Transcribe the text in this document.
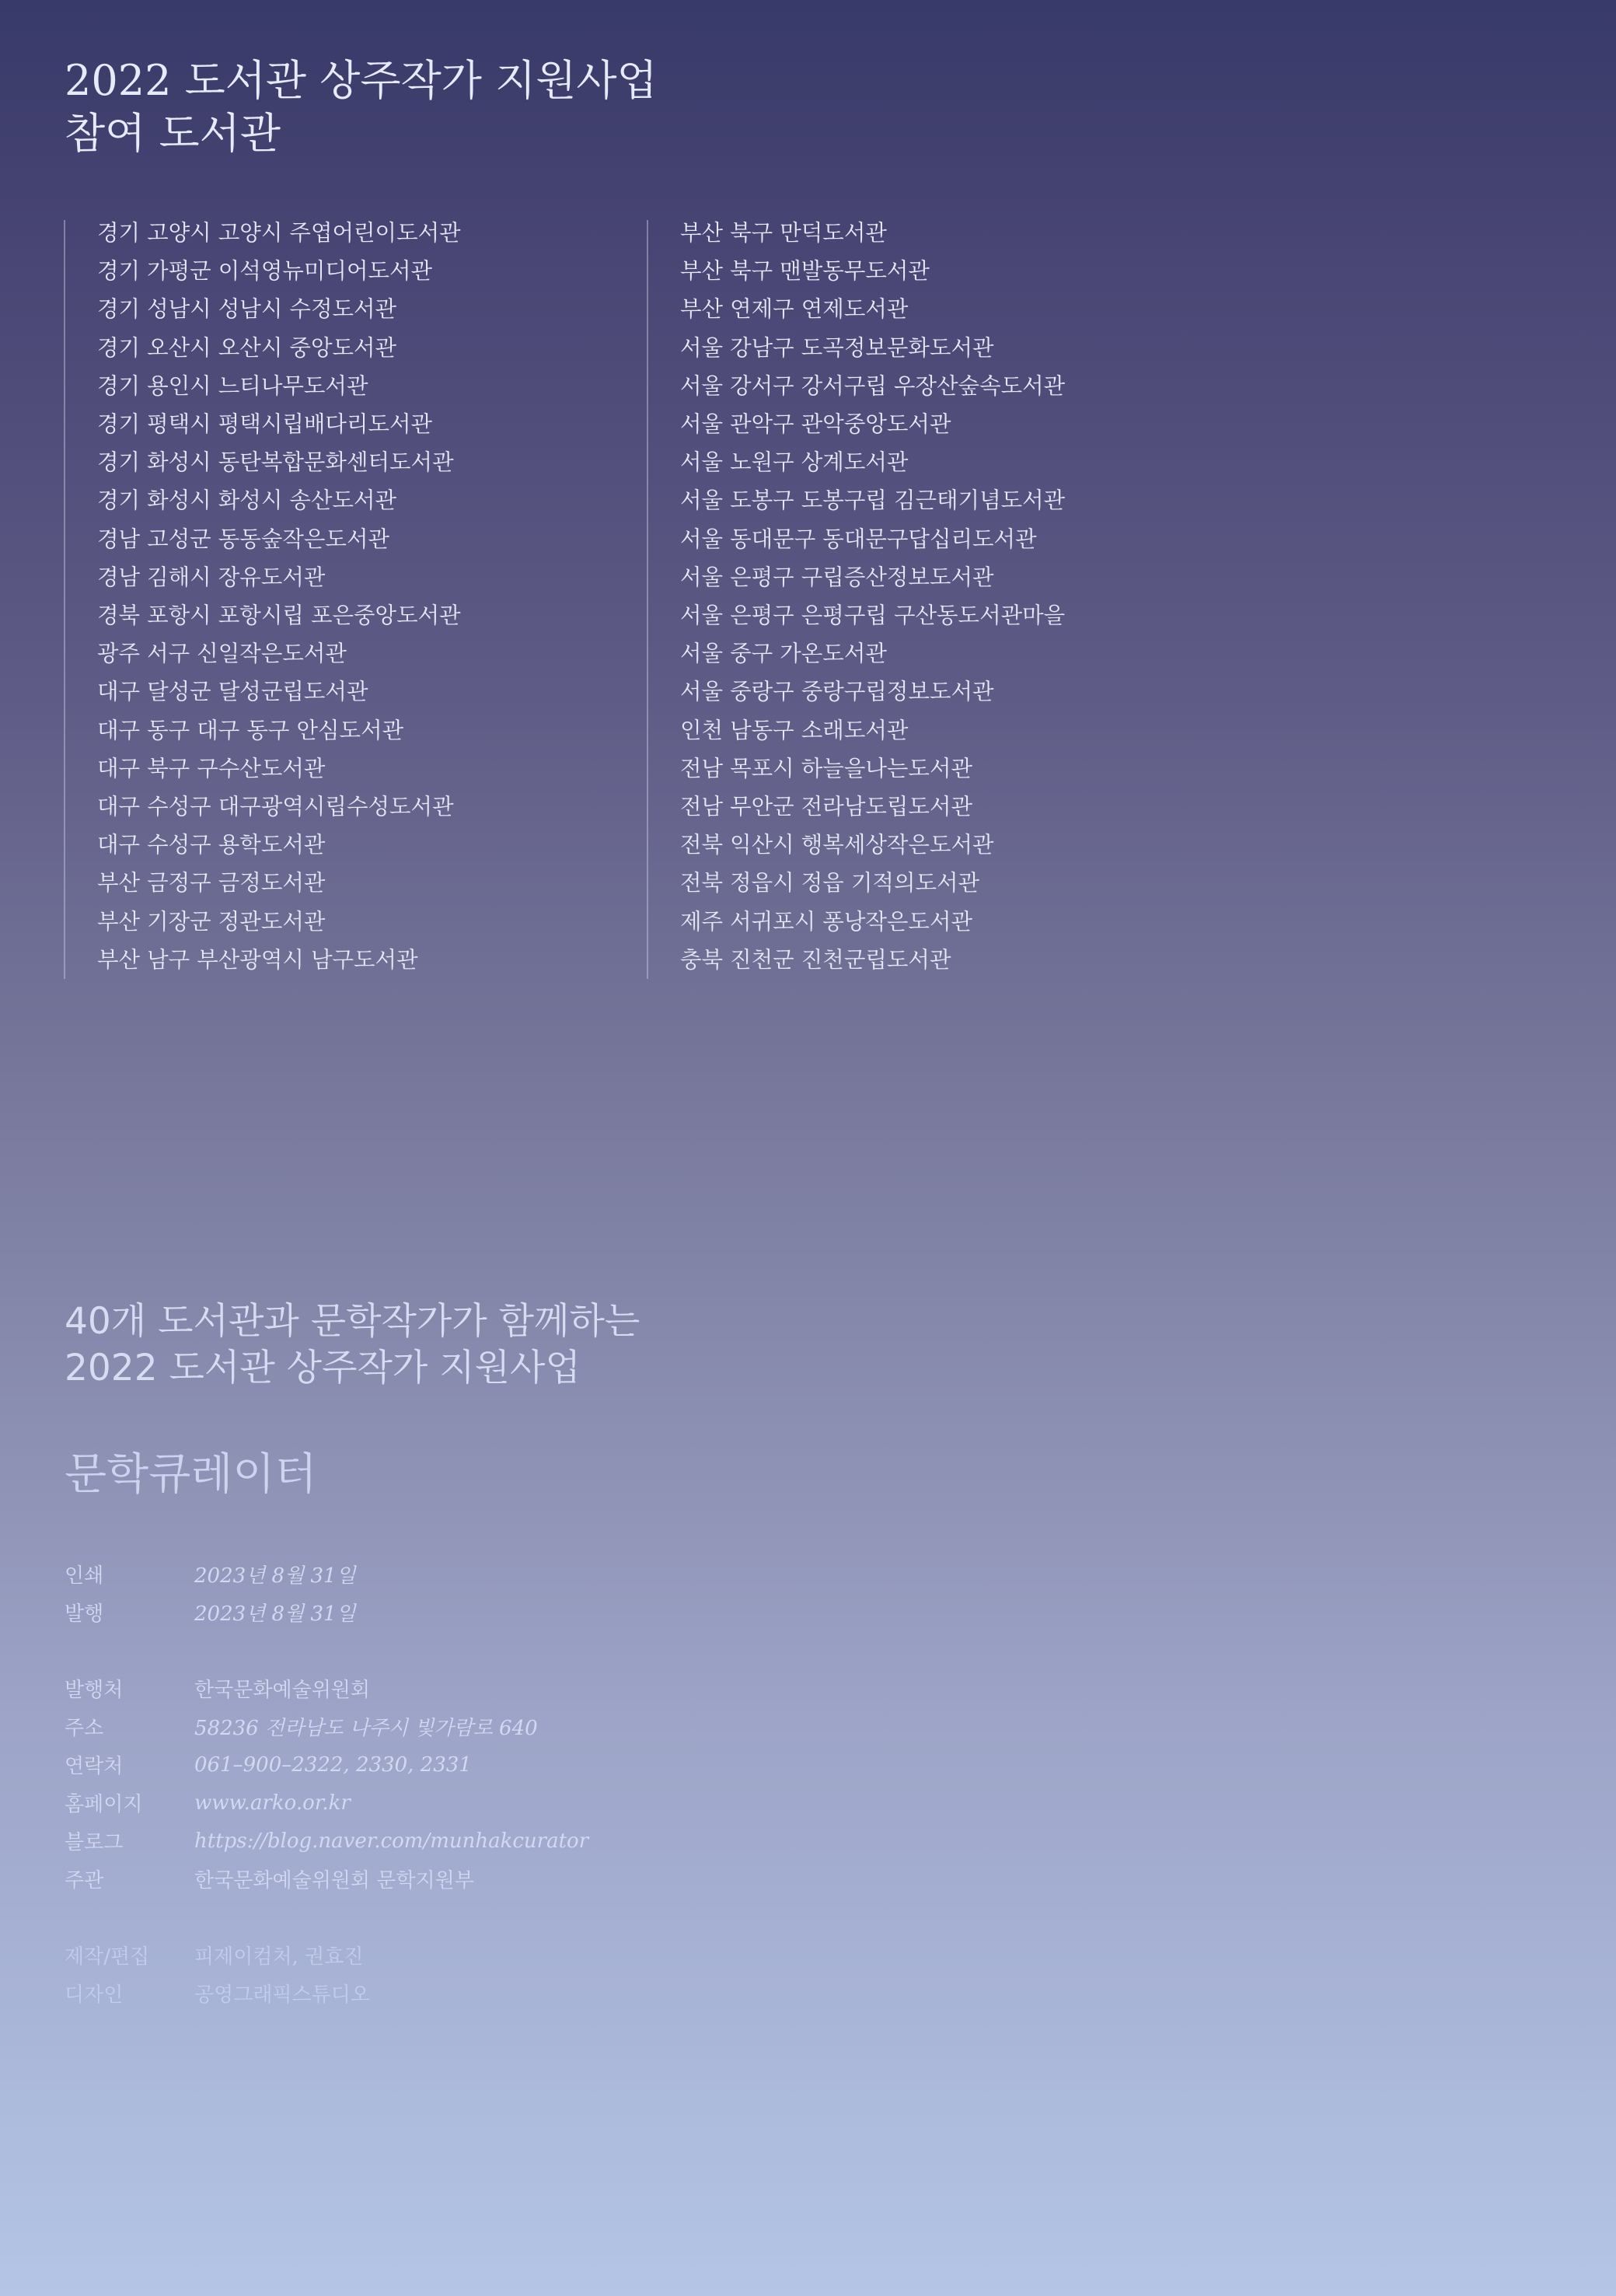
2022 도서관 상주작가 지원사업
참여 도서관
경기 고양시 고양시 주엽어린이도서관
경기 가평군 이석영뉴미디어도서관
경기 성남시 성남시 수정도서관
경기 오산시 오산시 중앙도서관
경기 용인시 느티나무도서관
경기 평택시 평택시립배다리도서관
경기 화성시 동탄복합문화센터도서관
경기 화성시 화성시 송산도서관
경남 고성군 동동숲작은도서관
경남 김해시 장유도서관
경북 포항시 포항시립 포은중앙도서관
광주 서구 신일작은도서관
대구 달성군 달성군립도서관
대구 동구 대구 동구 안심도서관
대구 북구 구수산도서관
대구 수성구 대구광역시립수성도서관
대구 수성구 용학도서관
부산 금정구 금정도서관
부산 기장군 정관도서관
부산 남구 부산광역시 남구도서관
부산 북구 만덕도서관
부산 북구 맨발동무도서관
부산 연제구 연제도서관
서울 강남구 도곡정보문화도서관
서울 강서구 강서구립 우장산숲속도서관
서울 관악구 관악중앙도서관
서울 노원구 상계도서관
서울 도봉구 도봉구립 김근태기념도서관
서울 동대문구 동대문구답십리도서관
서울 은평구 구립증산정보도서관
서울 은평구 은평구립 구산동도서관마을
서울 중구 가온도서관
서울 중랑구 중랑구립정보도서관
인천 남동구 소래도서관
전남 목포시 하늘을나는도서관
전남 무안군 전라남도립도서관
전북 익산시 행복세상작은도서관
전북 정읍시 정읍 기적의도서관
제주 서귀포시 퐁낭작은도서관
충북 진천군 진천군립도서관
40개 도서관과 문학작가가 함께하는
2022 도서관 상주작가 지원사업
문학큐레이터
인쇄	2023년 8월 31일
발행	2023년 8월 31일
발행처	한국문화예술위원회
주소	58236 전라남도 나주시 빛가람로 640
연락처	061–900–2322, 2330, 2331
홈페이지	www.arko.or.kr
블로그	https://blog.naver.com/munhakcurator
주관	한국문화예술위원회 문학지원부
제작/편집	피제이컴처, 권효진
디자인	공영그래픽스튜디오
